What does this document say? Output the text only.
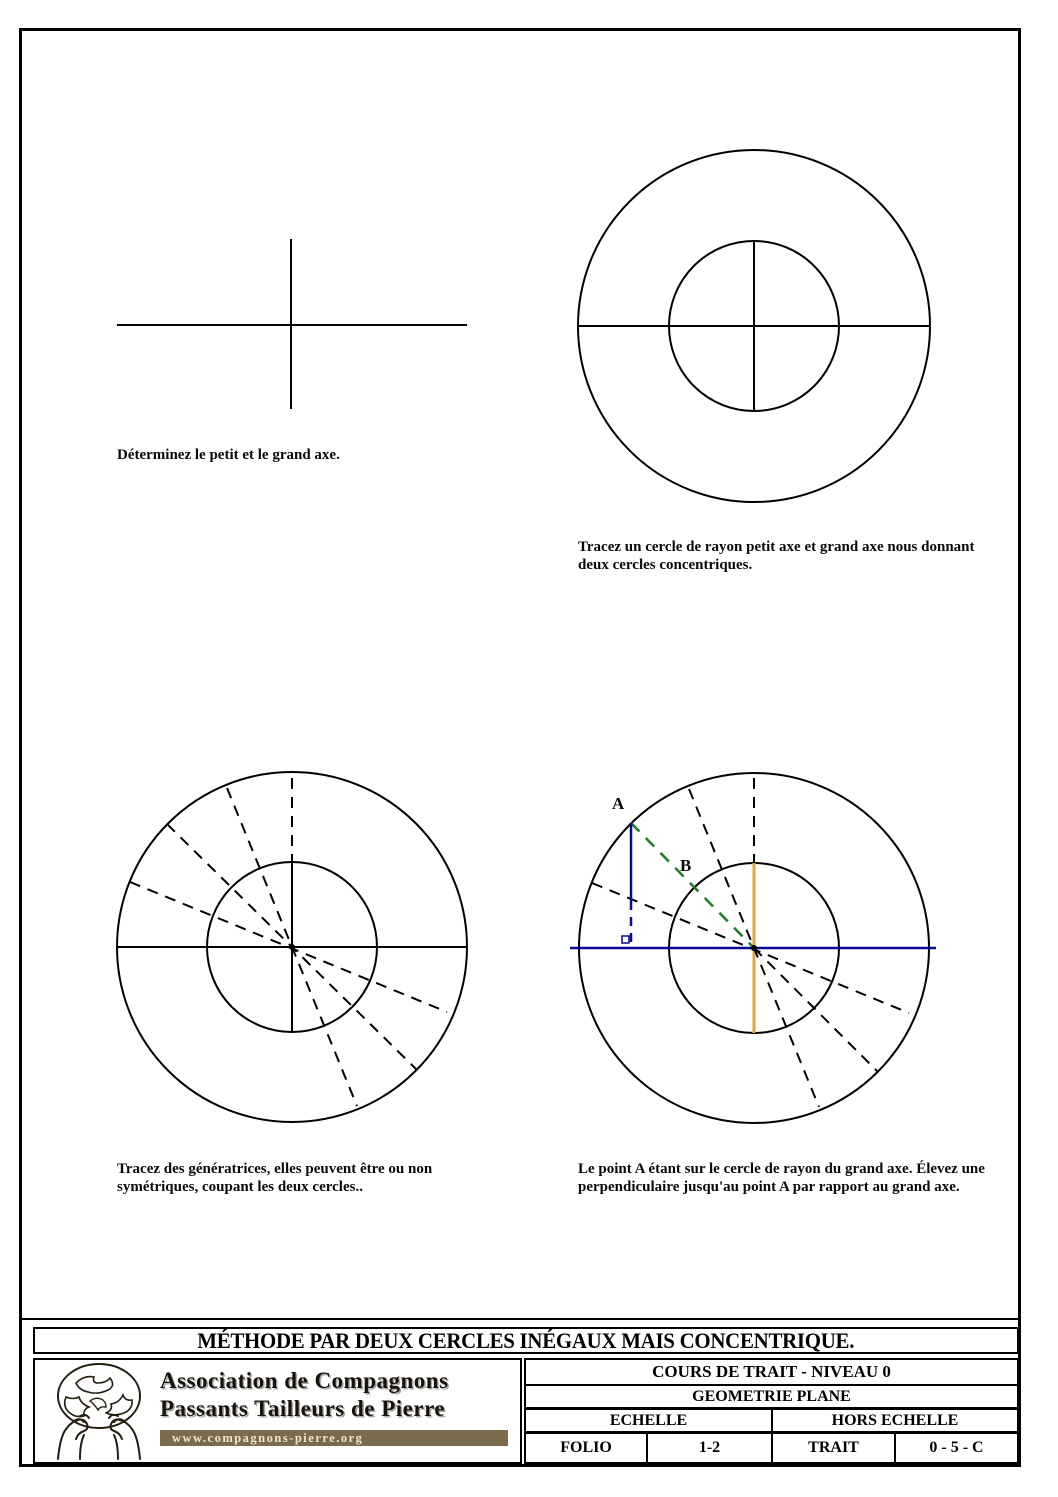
A
B
Déterminez le petit et le grand axe.
Tracez un cercle de rayon petit axe et grand axe nous donnant deux cercles concentriques.
Tracez des génératrices, elles peuvent être ou non symétriques, coupant les deux cercles..
Le point A étant sur le cercle de rayon du grand axe. Élevez une perpendiculaire jusqu'au point A par rapport au grand axe.
MÉTHODE PAR DEUX CERCLES INÉGAUX MAIS CONCENTRIQUE.
Association de Compagnons
Passants Tailleurs de Pierre
www.compagnons-pierre.org
COURS DE TRAIT - NIVEAU 0
GEOMETRIE PLANE
ECHELLE	HORS ECHELLE
FOLIO	1-2	TRAIT	0 - 5 - C
